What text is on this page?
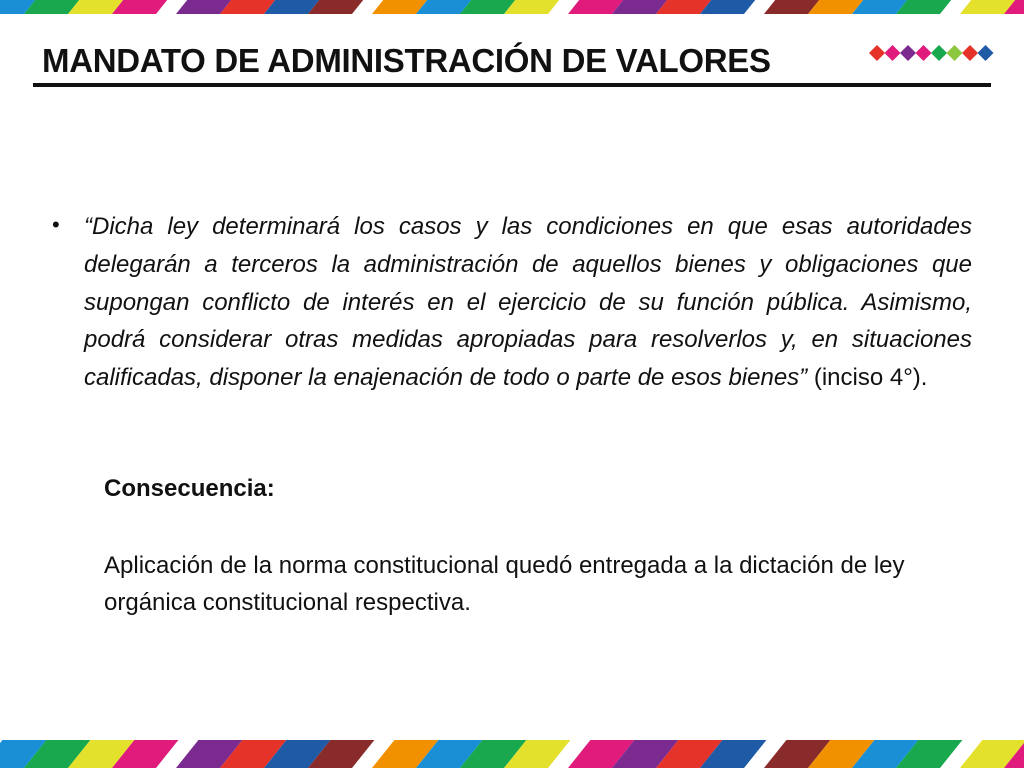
MANDATO DE ADMINISTRACIÓN DE VALORES
• “Dicha ley determinará los casos y las condiciones en que esas autoridades delegarán a terceros la administración de aquellos bienes y obligaciones que supongan conflicto de interés en el ejercicio de su función pública. Asimismo, podrá considerar otras medidas apropiadas para resolverlos y, en situaciones calificadas, disponer la enajenación de todo o parte de esos bienes” (inciso 4°).
Consecuencia:
Aplicación de la norma constitucional quedó entregada a la dictación de ley orgánica constitucional respectiva.
